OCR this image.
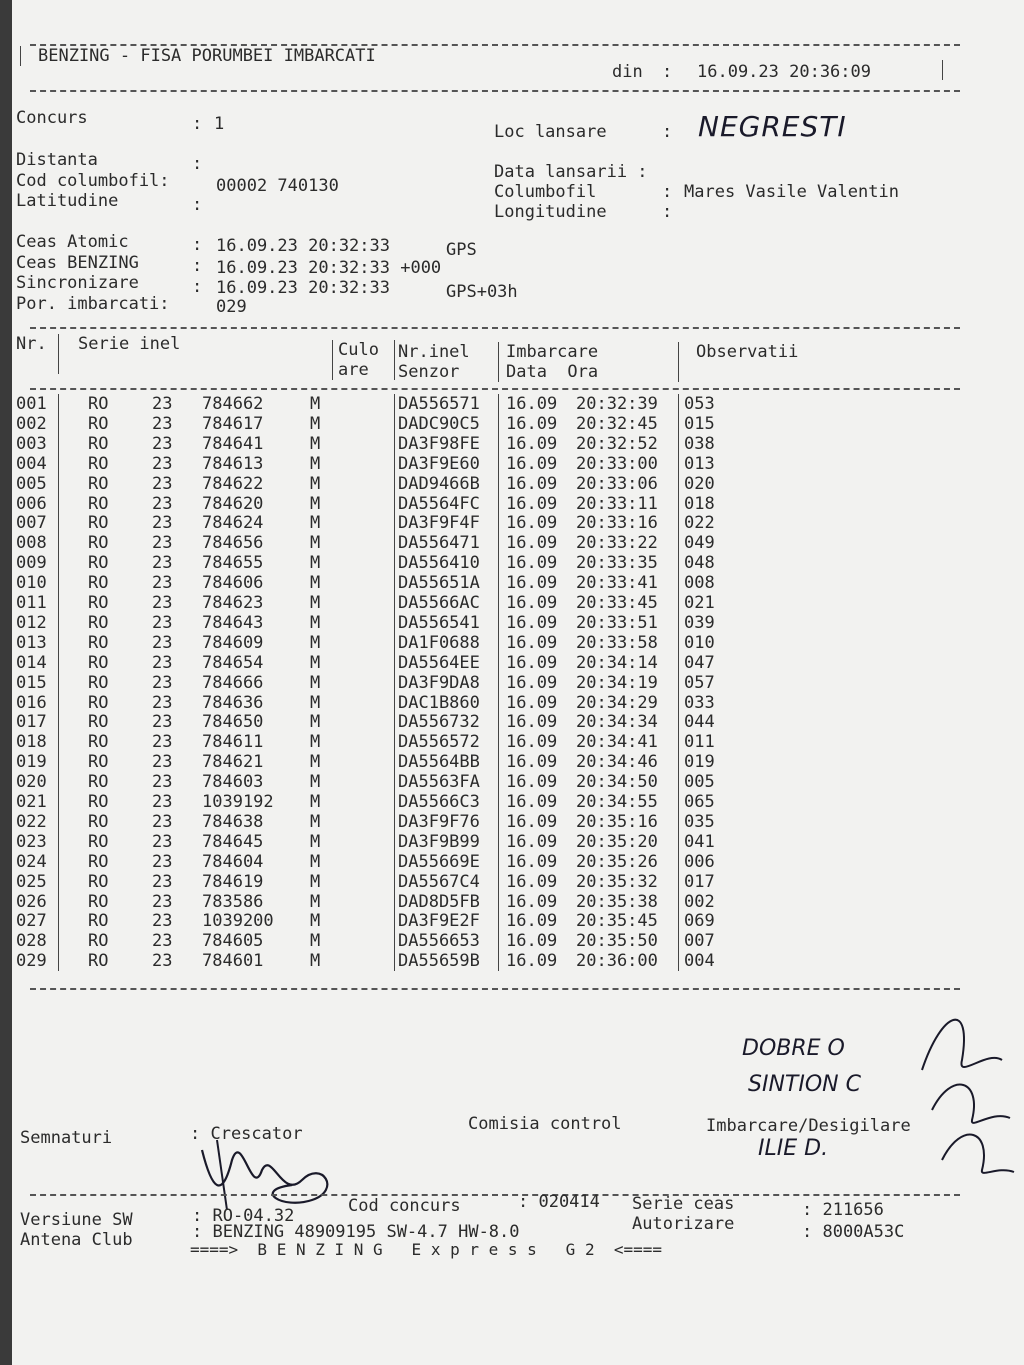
BENZING - FISA PORUMBEI IMBARCATI
din : 16.09.23 20:36:09
Concurs	: 1
Distanta	:
Cod columbofil:	00002 740130
Latitudine	:
Loc lansare	: NEGRESTI
Data lansarii :
Columbofil	: Mares Vasile Valentin
Longitudine	:
Ceas Atomic	: 16.09.23 20:32:33	GPS
Ceas BENZING	: 16.09.23 20:32:33 +000
Sincronizare	: 16.09.23 20:32:33	GPS+03h
Por. imbarcati:	029
Nr. Serie inel	Culo
are
Nr.inel
Senzor
Imbarcare
Data  Ora
Observatii
001 RO	23 784662	M	DA556571 16.09 20:32:39 053
002 RO	23 784617	M	DADC90C5 16.09 20:32:45 015
003 RO	23 784641	M	DA3F98FE 16.09 20:32:52 038
004 RO	23 784613	M	DA3F9E60 16.09 20:33:00 013
005 RO	23 784622	M	DAD9466B 16.09 20:33:06 020
006 RO	23 784620	M	DA5564FC 16.09 20:33:11 018
007 RO	23 784624	M	DA3F9F4F 16.09 20:33:16 022
008 RO	23 784656	M	DA556471 16.09 20:33:22 049
009 RO	23 784655	M	DA556410 16.09 20:33:35 048
010 RO	23 784606	M	DA55651A 16.09 20:33:41 008
011 RO	23 784623	M	DA5566AC 16.09 20:33:45 021
012 RO	23 784643	M	DA556541 16.09 20:33:51 039
013 RO	23 784609	M	DA1F0688 16.09 20:33:58 010
014 RO	23 784654	M	DA5564EE 16.09 20:34:14 047
015 RO	23 784666	M	DA3F9DA8 16.09 20:34:19 057
016 RO	23 784636	M	DAC1B860 16.09 20:34:29 033
017 RO	23 784650	M	DA556732 16.09 20:34:34 044
018 RO	23 784611	M	DA556572 16.09 20:34:41 011
019 RO	23 784621	M	DA5564BB 16.09 20:34:46 019
020 RO	23 784603	M	DA5563FA 16.09 20:34:50 005
021 RO	23 1039192 M	DA5566C3 16.09 20:34:55 065
022 RO	23 784638	M	DA3F9F76 16.09 20:35:16 035
023 RO	23 784645	M	DA3F9B99 16.09 20:35:20 041
024 RO	23 784604	M	DA55669E 16.09 20:35:26 006
025 RO	23 784619	M	DA5567C4 16.09 20:35:32 017
026 RO	23 783586	M	DAD8D5FB 16.09 20:35:38 002
027 RO	23 1039200 M	DA3F9E2F 16.09 20:35:45 069
028 RO	23 784605	M	DA556653 16.09 20:35:50 007
029 RO	23 784601	M	DA55659B 16.09 20:36:00 004
DOBRE O
SINTION C
ILIE D.
Semnaturi	: Crescator	Comisia control	Imbarcare/Desigilare
Versiune SW	: RO-04.32	Cod concurs	: 020414 Serie ceas	: 211656
Antena Club	: BENZING 48909195 SW-4.7 HW-8.0	Autorizare	: 8000A53C
====>  B E N Z I N G   E x p r e s s   G 2  <====
